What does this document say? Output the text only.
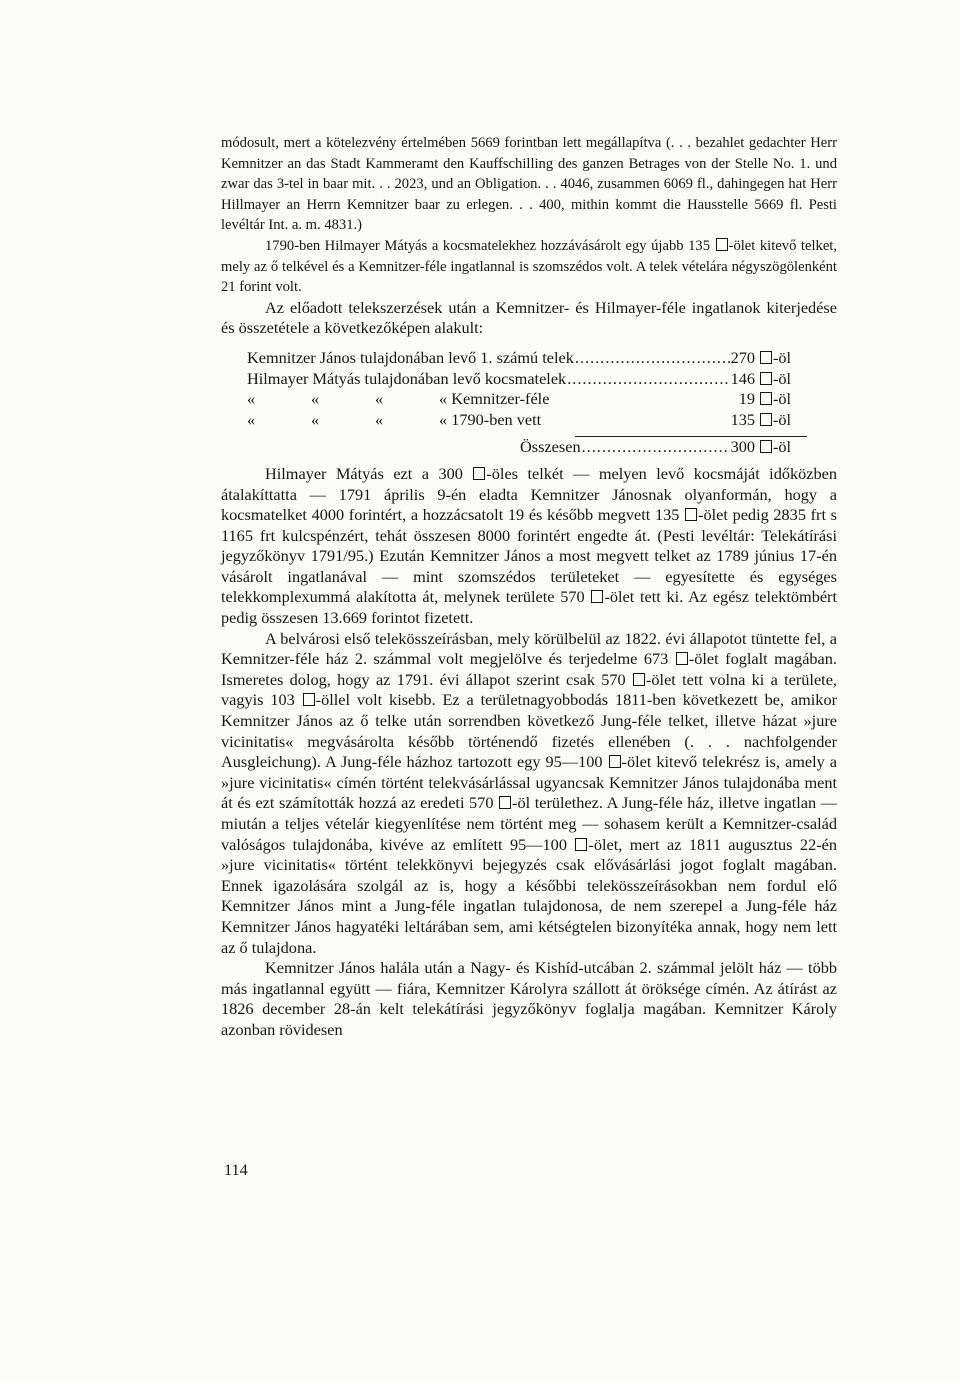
módosult, mert a kötelezvény értelmében 5669 forintban lett megállapítva (. . . bezahlet gedachter Herr Kemnitzer an das Stadt Kammeramt den Kauffschilling des ganzen Betrages von der Stelle No. 1. und zwar das 3-tel in baar mit. . . 2023, und an Obligation. . . 4046, zusammen 6069 fl., dahingegen hat Herr Hillmayer an Herrn Kemnitzer baar zu erlegen. . . 400, mithin kommt die Hausstelle 5669 fl. Pesti levéltár Int. a. m. 4831.)

1790-ben Hilmayer Mátyás a kocsmatelekhez hozzávásárolt egy újabb 135 -ölet kitevő telket, mely az ő telkével és a Kemnitzer-féle ingatlannal is szomszédos volt. A telek vételára négyszögölenként 21 forint volt.

Az előadott telekszerzések után a Kemnitzer- és Hilmayer-féle ingatlanok kiterjedése és összetétele a következőképen alakult:

Kemnitzer János tulajdonában levő 1. számú telek .....	270	-öl
Hilmayer Mátyás tulajdonában levő kocsmatelek .....	146	-öl
«	«	«	« Kemnitzer-féle	19	-öl
«	«	«	« 1790-ben vett	135	-öl
Összesen .....	300	-öl

Hilmayer Mátyás ezt a 300 -öles telkét — melyen levő kocsmáját időközben átalakíttatta — 1791 április 9-én eladta Kemnitzer Jánosnak olyanformán, hogy a kocsmatelket 4000 forintért, a hozzácsatolt 19 és később megvett 135 -ölet pedig 2835 frt s 1165 frt kulcspénzért, tehát összesen 8000 forintért engedte át. (Pesti levéltár: Telekátírási jegyzőkönyv 1791/95.) Ezután Kemnitzer János a most megvett telket az 1789 június 17-én vásárolt ingatlanával — mint szomszédos területeket — egyesítette és egységes telekkomplexummá alakította át, melynek területe 570 -ölet tett ki. Az egész telektömbért pedig összesen 13.669 forintot fizetett.

A belvárosi első telekösszeírásban, mely körülbelül az 1822. évi állapotot tüntette fel, a Kemnitzer-féle ház 2. számmal volt megjelölve és terjedelme 673 -ölet foglalt magában. Ismeretes dolog, hogy az 1791. évi állapot szerint csak 570 -ölet tett volna ki a területe, vagyis 103 -öllel volt kisebb. Ez a területnagyobbodás 1811-ben következett be, amikor Kemnitzer János az ő telke után sorrendben következő Jung-féle telket, illetve házat »jure vicinitatis« megvásárolta később történendő fizetés ellenében (. . . nachfolgender Ausgleichung). A Jung-féle házhoz tartozott egy 95—100 -ölet kitevő telekrész is, amely a »jure vicinitatis« címén történt telekvásárlással ugyancsak Kemnitzer János tulajdonába ment át és ezt számították hozzá az eredeti 570 -öl területhez. A Jung-féle ház, illetve ingatlan —miután a teljes vételár kiegyenlítése nem történt meg — sohasem került a Kemnitzer-család valóságos tulajdonába, kivéve az említett 95—100 -ölet, mert az 1811 augusztus 22-én »jure vicinitatis« történt telekkönyvi bejegyzés csak elővásárlási jogot foglalt magában. Ennek igazolására szolgál az is, hogy a későbbi telekösszeírásokban nem fordul elő Kemnitzer János mint a Jung-féle ingatlan tulajdonosa, de nem szerepel a Jung-féle ház Kemnitzer János hagyatéki leltárában sem, ami kétségtelen bizonyítéka annak, hogy nem lett az ő tulajdona.

Kemnitzer János halála után a Nagy- és Kishíd-utcában 2. számmal jelölt ház — több más ingatlannal együtt — fiára, Kemnitzer Károlyra szállott át öröksége címén. Az átírást az 1826 december 28-án kelt telekátírási jegyzőkönyv foglalja magában. Kemnitzer Károly azonban rövidesen

114
